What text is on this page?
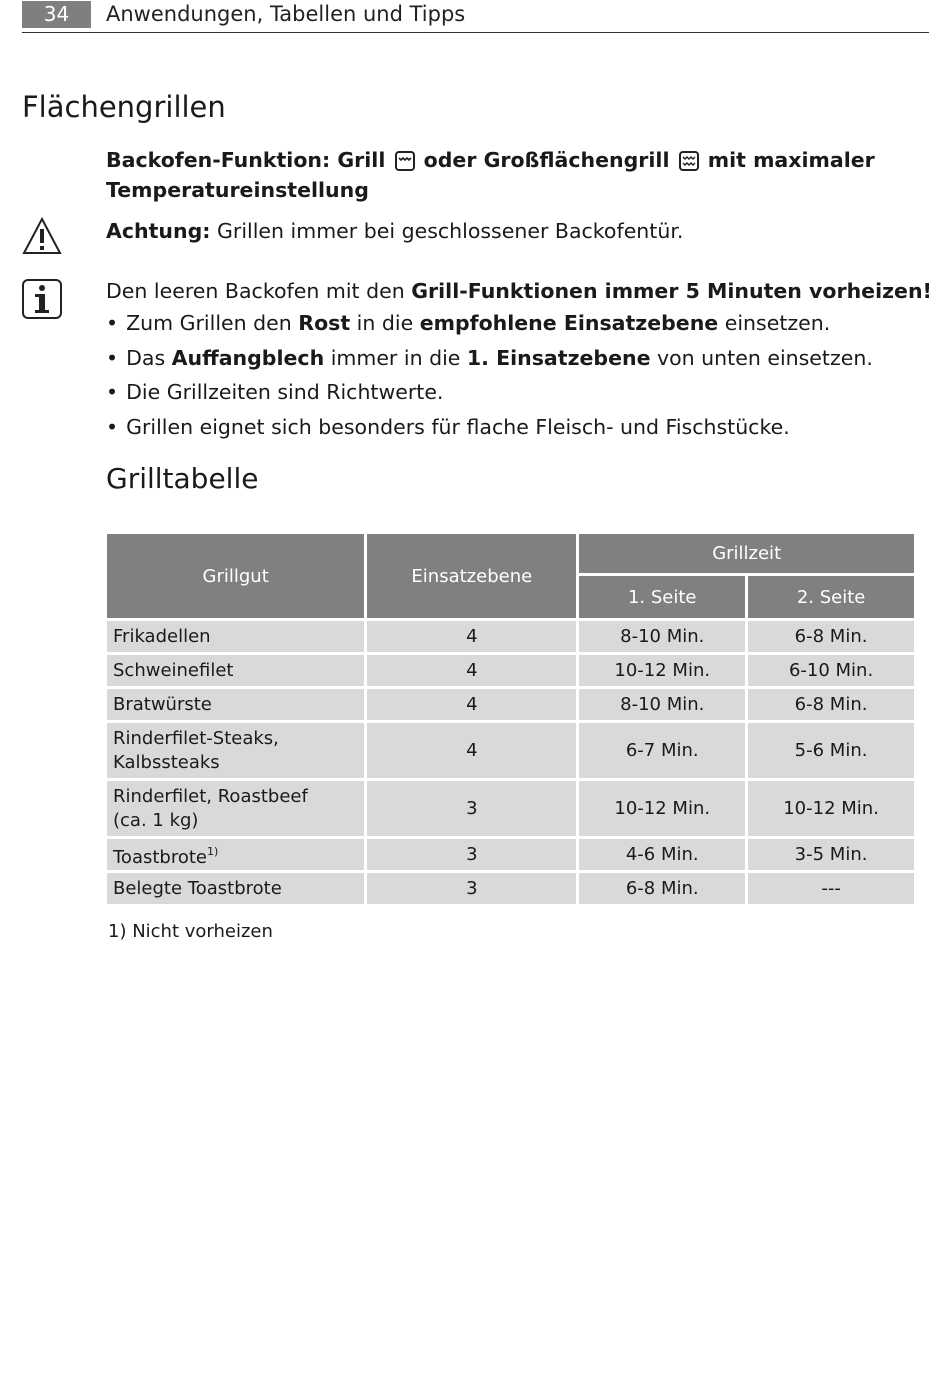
34	Anwendungen, Tabellen und Tipps
Flächengrillen

Backofen-Funktion: Grill oder Großflächengrill mit maximaler Temperatureinstellung

Achtung: Grillen immer bei geschlossener Backofentür.

Den leeren Backofen mit den Grill-Funktionen immer 5 Minuten vorheizen!

• Zum Grillen den Rost in die empfohlene Einsatzebene einsetzen.
• Das Auffangblech immer in die 1. Einsatzebene von unten einsetzen.
• Die Grillzeiten sind Richtwerte.
• Grillen eignet sich besonders für flache Fleisch- und Fischstücke.
Grilltabelle
Grillgut	Einsatzebene	Grillzeit	
		1. Seite	2. Seite
Frikadellen	4	8-10 Min.	6-8 Min.
Schweinefilet	4	10-12 Min.	6-10 Min.
Bratwürste	4	8-10 Min.	6-8 Min.
Rinderfilet-Steaks,
Kalbssteaks	4	6-7 Min.	5-6 Min.
Rinderfilet, Roastbeef
(ca. 1 kg)	3	10-12 Min.	10-12 Min.
Toastbrote$^{1)}$	3	4-6 Min.	3-5 Min.
Belegte Toastbrote	3	6-8 Min.	---
1) Nicht vorheizen
